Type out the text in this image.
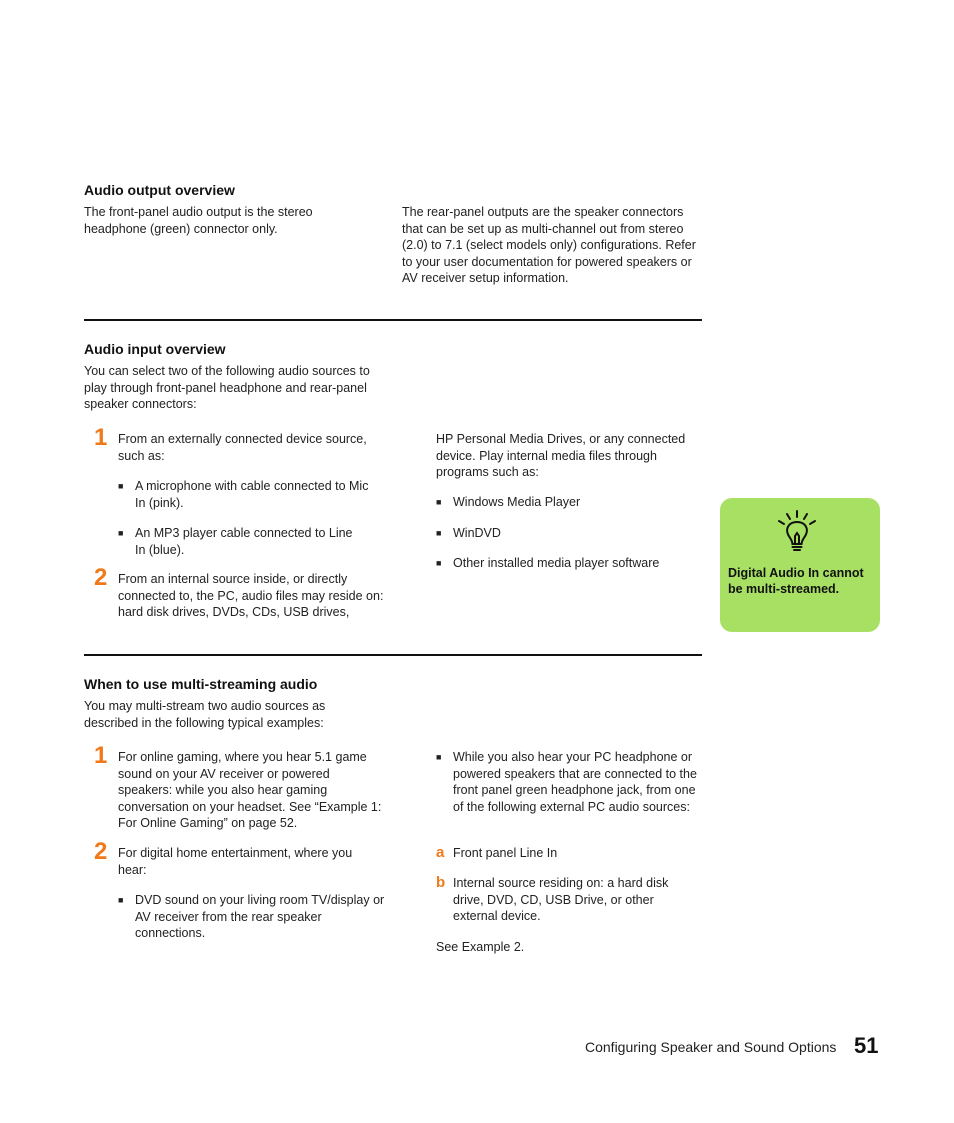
Audio output overview
The front-panel audio output is the stereo headphone (green) connector only.
The rear-panel outputs are the speaker connectors that can be set up as multi-channel out from stereo (2.0) to 7.1 (select models only) configurations. Refer to your user documentation for powered speakers or AV receiver setup information.
Audio input overview
You can select two of the following audio sources to play through front-panel headphone and rear-panel speaker connectors:
1 From an externally connected device source, such as:
■ A microphone with cable connected to Mic In (pink).
■ An MP3 player cable connected to Line In (blue).
2 From an internal source inside, or directly connected to, the PC, audio files may reside on: hard disk drives, DVDs, CDs, USB drives,
HP Personal Media Drives, or any connected device. Play internal media files through programs such as:
■ Windows Media Player
■ WinDVD
■ Other installed media player software
Digital Audio In cannot be multi-streamed.
When to use multi-streaming audio
You may multi-stream two audio sources as described in the following typical examples:
1 For online gaming, where you hear 5.1 game sound on your AV receiver or powered speakers: while you also hear gaming conversation on your headset. See “Example 1: For Online Gaming” on page 52.
2 For digital home entertainment, where you hear:
■ DVD sound on your living room TV/display or AV receiver from the rear speaker connections.
■ While you also hear your PC headphone or powered speakers that are connected to the front panel green headphone jack, from one of the following external PC audio sources:
a Front panel Line In
b Internal source residing on: a hard disk drive, DVD, CD, USB Drive, or other external device.
See Example 2.
Configuring Speaker and Sound Options 51
